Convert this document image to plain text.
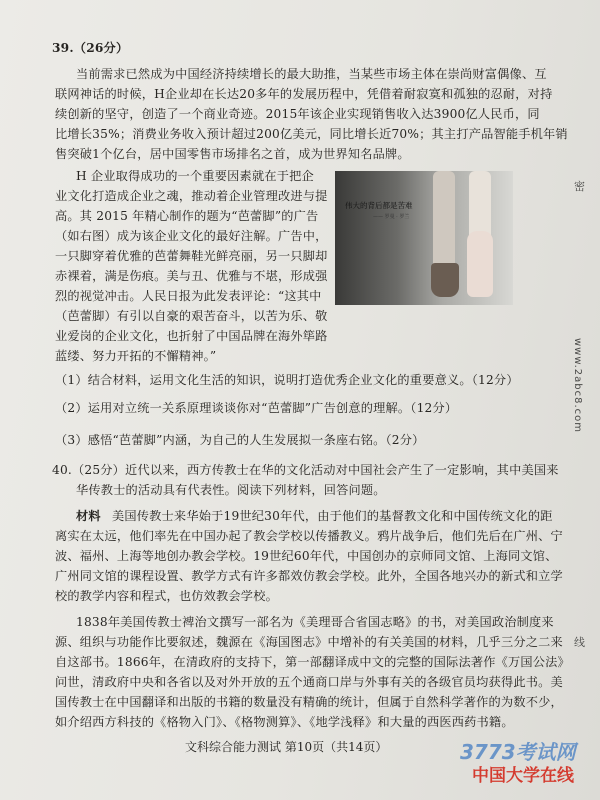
39.（26分）
当前需求已然成为中国经济持续增长的最大助推，当某些市场主体在崇尚财富偶像、互
联网神话的时候，H企业却在长达20多年的发展历程中，凭借着耐寂寞和孤独的忍耐，对持
续创新的坚守，创造了一个商业奇迹。2015年该企业实现销售收入达3900亿人民币，同
比增长35%；消费业务收入预计超过200亿美元，同比增长近70%；其主打产品智能手机年销
售突破1个亿台，居中国零售市场排名之首，成为世界知名品牌。
H 企业取得成功的一个重要因素就在于把企
业文化打造成企业之魂，推动着企业管理改进与提
高。其 2015 年精心制作的题为“芭蕾脚”的广告
（如右图）成为该企业文化的最好注解。广告中，
一只脚穿着优雅的芭蕾舞鞋光鲜亮丽，另一只脚却
赤裸着，满是伤痕。美与丑、优雅与不堪，形成强
烈的视觉冲击。人民日报为此发表评论：“这其中
（芭蕾脚）有引以自豪的艰苦奋斗，以苦为乐、敬
业爱岗的企业文化，也折射了中国品牌在海外筚路
蓝缕、努力开拓的不懈精神。”
伟大的背后都是苦难
—— 罗曼 · 罗兰
（1）结合材料，运用文化生活的知识，说明打造优秀企业文化的重要意义。（12分）
（2）运用对立统一关系原理谈谈你对“芭蕾脚”广告创意的理解。（12分）
（3）感悟“芭蕾脚”内涵，为自己的人生发展拟一条座右铭。（2分）
40.（25分）近代以来，西方传教士在华的文化活动对中国社会产生了一定影响，其中美国来
华传教士的活动具有代表性。阅读下列材料，回答问题。
材料 美国传教士来华始于19世纪30年代，由于他们的基督教文化和中国传统文化的距
离实在太远，他们率先在中国办起了教会学校以传播教义。鸦片战争后，他们先后在广州、宁
波、福州、上海等地创办教会学校。19世纪60年代，中国创办的京师同文馆、上海同文馆、
广州同文馆的课程设置、教学方式有许多都效仿教会学校。此外，全国各地兴办的新式和立学
校的教学内容和程式，也仿效教会学校。
1838年美国传教士裨治文撰写一部名为《美理哥合省国志略》的书，对美国政治制度来
源、组织与功能作比要叙述，魏源在《海国图志》中增补的有关美国的材料，几乎三分之二来
自这部书。1866年，在清政府的支持下，第一部翻译成中文的完整的国际法著作《万国公法》
问世，清政府中央和各省以及对外开放的五个通商口岸与外事有关的各级官员均获得此书。美
国传教士在中国翻译和出版的书籍的数量没有精确的统计，但属于自然科学著作的为数不少，
如介绍西方科技的《格物入门》、《格物测算》、《地学浅释》和大量的西医西药书籍。
文科综合能力测试 第10页（共14页）
密
www.2abc8.com
线
3773考试网
中国大学在线
